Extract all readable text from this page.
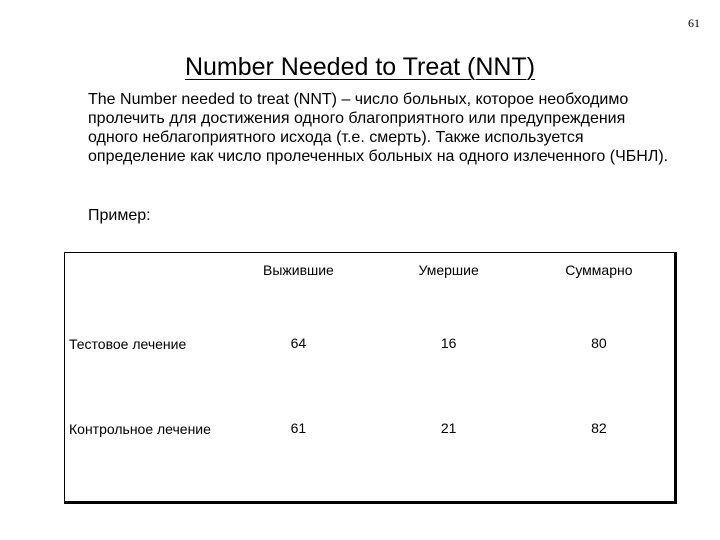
61
Number Needed to Treat (NNT)

The Number needed to treat (NNT) – число больных, которое необходимо пролечить для достижения одного благоприятного или предупреждения одного неблагоприятного исхода (т.е. смерть). Также используется определение как число пролеченных больных на одного излеченного (ЧБНЛ).

Пример:

	Выжившие	Умершие	Суммарно
Тестовое лечение	64	16	80
Контрольное лечение	61	21	82
